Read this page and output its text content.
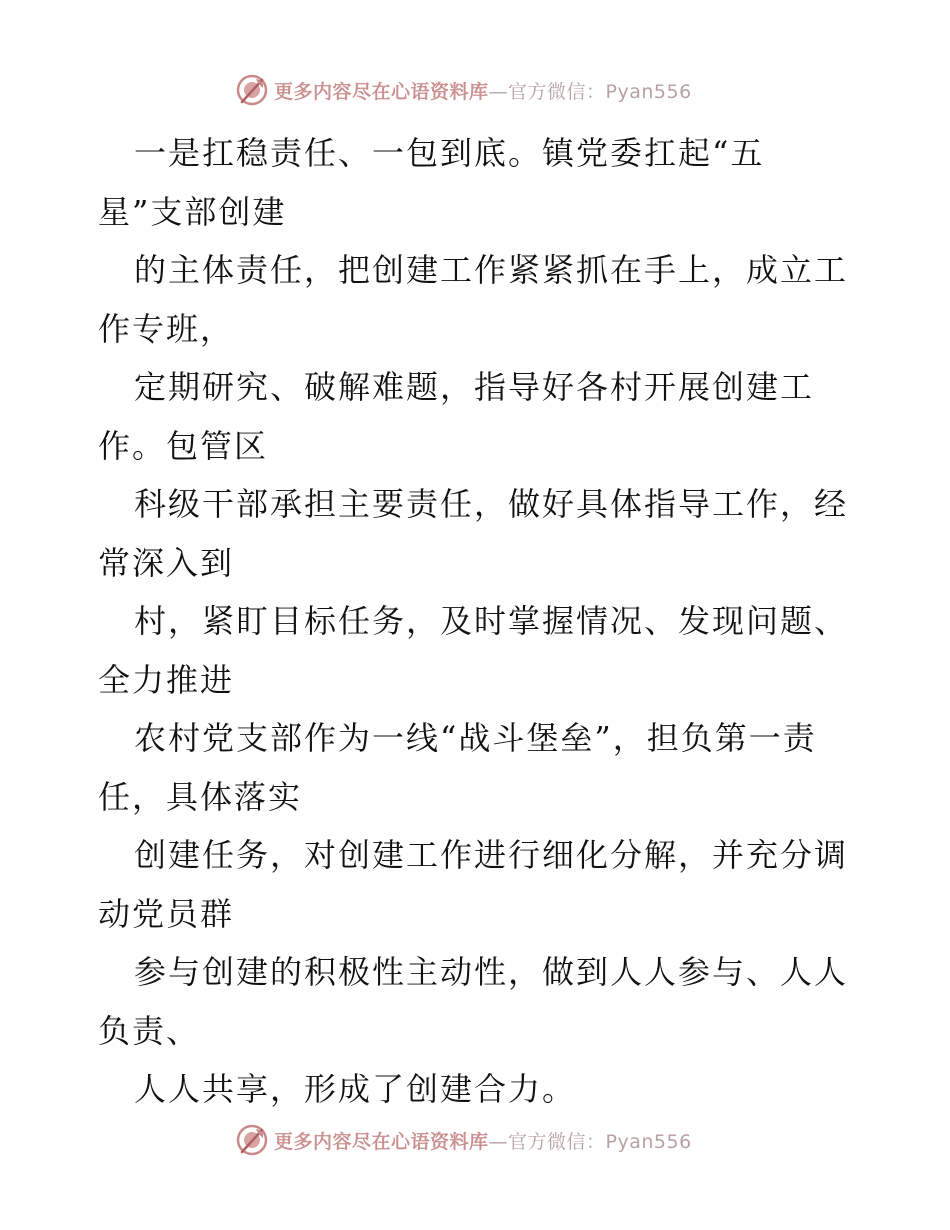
更多内容尽在心语资料库—官方微信：Pyan556
一是扛稳责任、一包到底。镇党委扛起“五
星”支部创建
的主体责任，把创建工作紧紧抓在手上，成立工
作专班，
定期研究、破解难题，指导好各村开展创建工
作。包管区
科级干部承担主要责任，做好具体指导工作，经
常深入到
村，紧盯目标任务，及时掌握情况、发现问题、
全力推进
农村党支部作为一线“战斗堡垒”，担负第一责
任，具体落实
创建任务，对创建工作进行细化分解，并充分调
动党员群
参与创建的积极性主动性，做到人人参与、人人
负责、
人人共享，形成了创建合力。
更多内容尽在心语资料库—官方微信：Pyan556
